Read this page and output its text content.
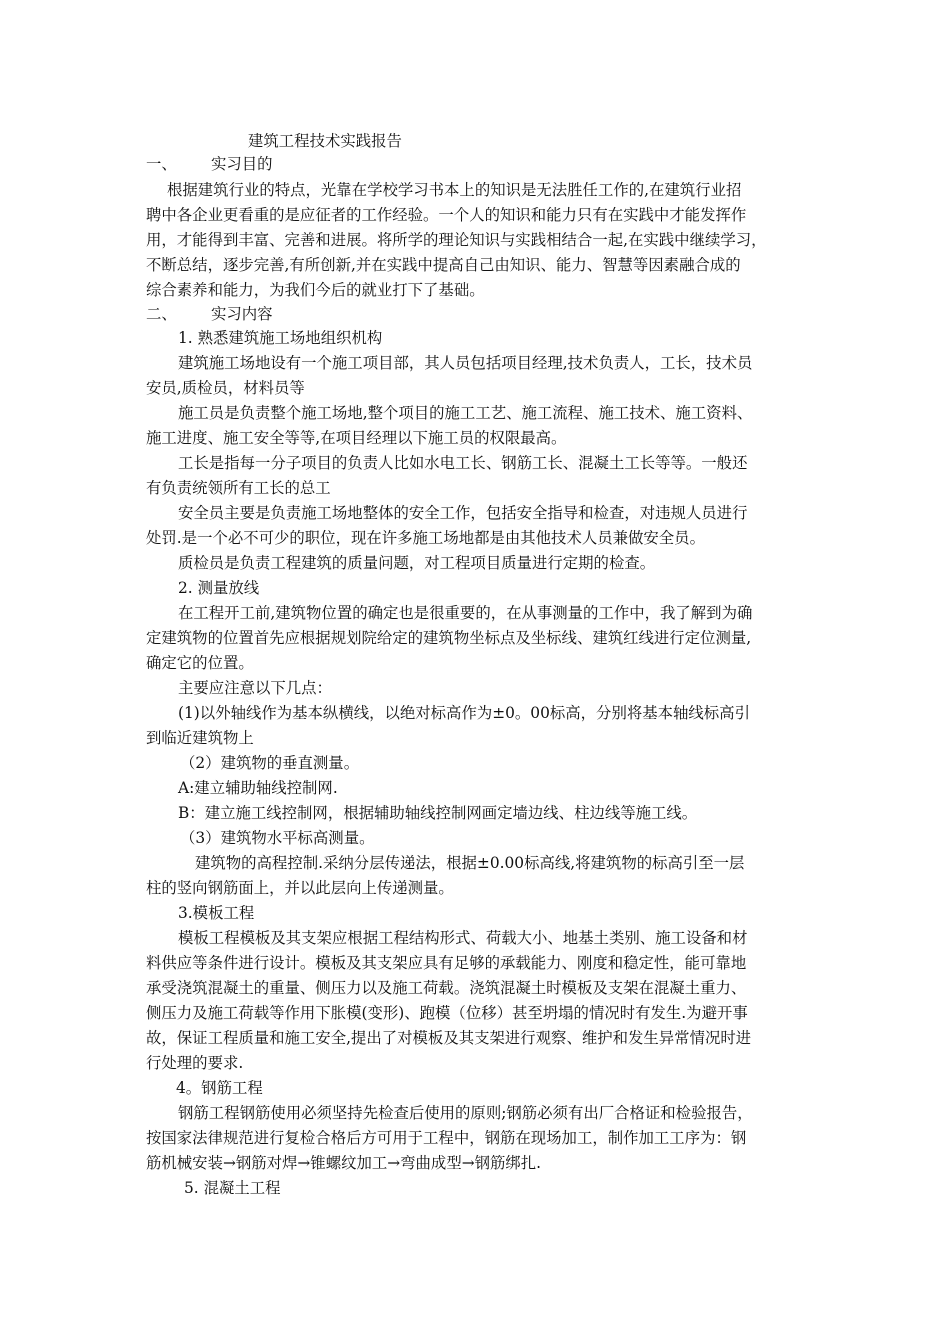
建筑工程技术实践报告
一、 实习目的
根据建筑行业的特点，光靠在学校学习书本上的知识是无法胜任工作的,在建筑行业招
聘中各企业更看重的是应征者的工作经验。一个人的知识和能力只有在实践中才能发挥作
用，才能得到丰富、完善和进展。将所学的理论知识与实践相结合一起,在实践中继续学习，
不断总结，逐步完善,有所创新,并在实践中提高自己由知识、能力、智慧等因素融合成的
综合素养和能力，为我们今后的就业打下了基础。
二、 实习内容
1. 熟悉建筑施工场地组织机构
建筑施工场地设有一个施工项目部，其人员包括项目经理,技术负责人，工长，技术员
安员,质检员，材料员等
施工员是负责整个施工场地,整个项目的施工工艺、施工流程、施工技术、施工资料、
施工进度、施工安全等等,在项目经理以下施工员的权限最高。
工长是指每一分子项目的负责人比如水电工长、钢筋工长、混凝土工长等等。一般还
有负责统领所有工长的总工
安全员主要是负责施工场地整体的安全工作，包括安全指导和检查，对违规人员进行
处罚.是一个必不可少的职位，现在许多施工场地都是由其他技术人员兼做安全员。
质检员是负责工程建筑的质量问题，对工程项目质量进行定期的检查。
2. 测量放线
在工程开工前,建筑物位置的确定也是很重要的，在从事测量的工作中，我了解到为确
定建筑物的位置首先应根据规划院给定的建筑物坐标点及坐标线、建筑红线进行定位测量,
确定它的位置。
主要应注意以下几点：
(1)以外轴线作为基本纵横线，以绝对标高作为±0。00标高，分别将基本轴线标高引
到临近建筑物上
（2）建筑物的垂直测量。
A:建立辅助轴线控制网.
B：建立施工线控制网，根据辅助轴线控制网画定墙边线、柱边线等施工线。
（3）建筑物水平标高测量。
建筑物的高程控制.采纳分层传递法，根据±0.00标高线,将建筑物的标高引至一层
柱的竖向钢筋面上，并以此层向上传递测量。
3.模板工程
模板工程模板及其支架应根据工程结构形式、荷载大小、地基土类别、施工设备和材
料供应等条件进行设计。模板及其支架应具有足够的承载能力、刚度和稳定性，能可靠地
承受浇筑混凝土的重量、侧压力以及施工荷载。浇筑混凝土时模板及支架在混凝土重力、
侧压力及施工荷载等作用下胀模(变形)、跑模（位移）甚至坍塌的情况时有发生.为避开事
故，保证工程质量和施工安全,提出了对模板及其支架进行观察、维护和发生异常情况时进
行处理的要求.
4。钢筋工程
钢筋工程钢筋使用必须坚持先检查后使用的原则;钢筋必须有出厂合格证和检验报告，
按国家法律规范进行复检合格后方可用于工程中，钢筋在现场加工，制作加工工序为：钢
筋机械安装→钢筋对焊→锥螺纹加工→弯曲成型→钢筋绑扎.
5. 混凝土工程
